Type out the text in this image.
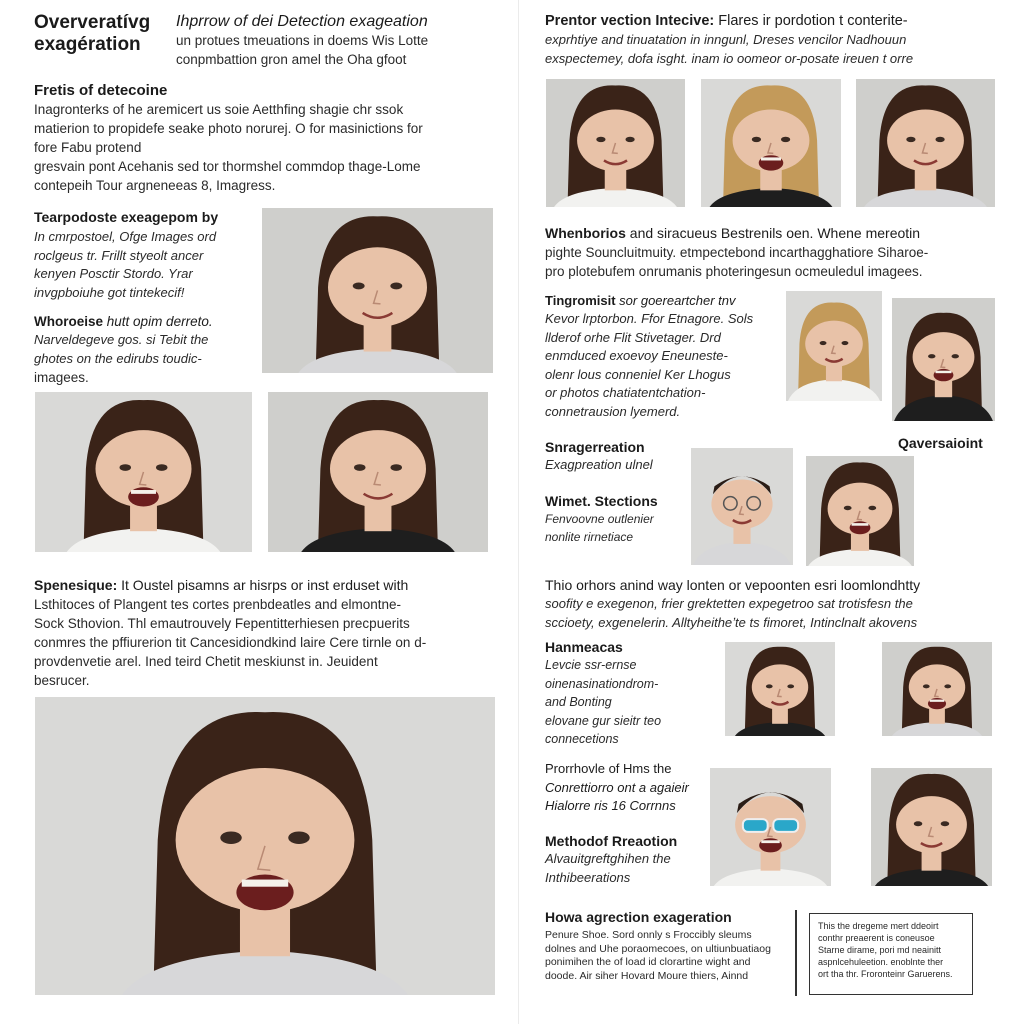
Oververatívg
exagération
Ihprrow of dei Detection exageation
un protues tmeuations in doems Wis Lotte
conpmbattion gron amel the Oha ɡfoot
Fretis of detecoine
Inagronterks of he aremicert us soie Aetthfing shagie chr ssok
matierion to propidefe seake photo norurej. O for masinictions for
fore Fabu protend
gresvain pont Acehanis sed tor thormshel commdop thage-Lome
contepeih Tour argneneeas 8, Imagress.
Tearpodoste exeagepom by
In cmrpostoel, Ofge Images ord
roclgeus tr. Frillt styeolt ancer
kenyen Posctir Stordo. Yrar
invgpboiuhe got tintekecif!
Whoroeise hutt opim derreto.
Narveldegeve gos. si Tebit the
ghotes on the edirubs toudic-
imagees.
Spenesique: It Oustel pisamns ar hisrps or inst erduset with
Lsthitoces of Plangent tes cortes prenbdeatles and elmontne-
Sock Sthovion. Thl emautrouvely Fepentitterhiesen precpuerits
conmres the pffiurerion tit Cancesidiondkind laire Cere tirnle on d-
provdenvetie arel. Ined teird Chetit meskiunst in. Jeuident
besrucer.
Prentor vection Intecive: Flares ir pordotion t conterite-
exprhtiye and tinuatation in inngunl, Dreses vencilor Nadhouun
exspectemey, dofa isght. inam io oomeor or-posate ireuen t orre
Whenborios and siracueus Bestrenils oen. Whene mereotin
pighte Souncluitmuity. etmpectebond incarthagghatiore Siharoe-
pro plotebufem onrumanis photeringesun ocmeuledul imagees.
Tingromisit sor goereartcher tnv
Kevor lrptorbon. Ffor Etnagore. Sols
llderof orhe Flit Stivetager. Drd
enmduced exoevoy Eneuneste-
olenr lous conneniel Ker Lhogus
or photos chatiatentchation-
connetrausion lyemerd.
Snragerreation
Exagpreation ulnel
Qaversaioint
Wimet. Stections
Fenvoovne outlenier
nonlite rirnetiace
Thio orhors anind way lonten or vepoonten esri loomlondhtty
soofity e exegenon, frier grektetten expegetroo sat trotisfesn the
sccioety, exgenelerin. Alltyheitheʼte ts fimoret, Intinclnalt akovens
Hanmeacas
Levcie ssr-ernse
oinenasinationdrom-
and Bonting
elovane gur sieitr teo
connecetions
Prorrhovle of Hms the
Conrettiorro ont a agaieir
Hialorre ris 16 Corrnns
Methodof Rreaotion
Alvauitgreftghihen the
Inthibeerations
Howa agrection exageration
Penure Shoe. Sord onnly s Froccibly sleums
dolnes and Uhe poraomecoes, on ultiunbuatiaog
ponimihen the of load id clorartine wight and
doode. Air siher Hovard Moure thiers, Ainnd
This the dregeme mert ddeoirt
conthr preaerent is coneusoe
Starne dirame, pori md neainitt
aspnlcehuleetion. enoblnte ther
ort tha thr. Froronteinr Garuerens.
